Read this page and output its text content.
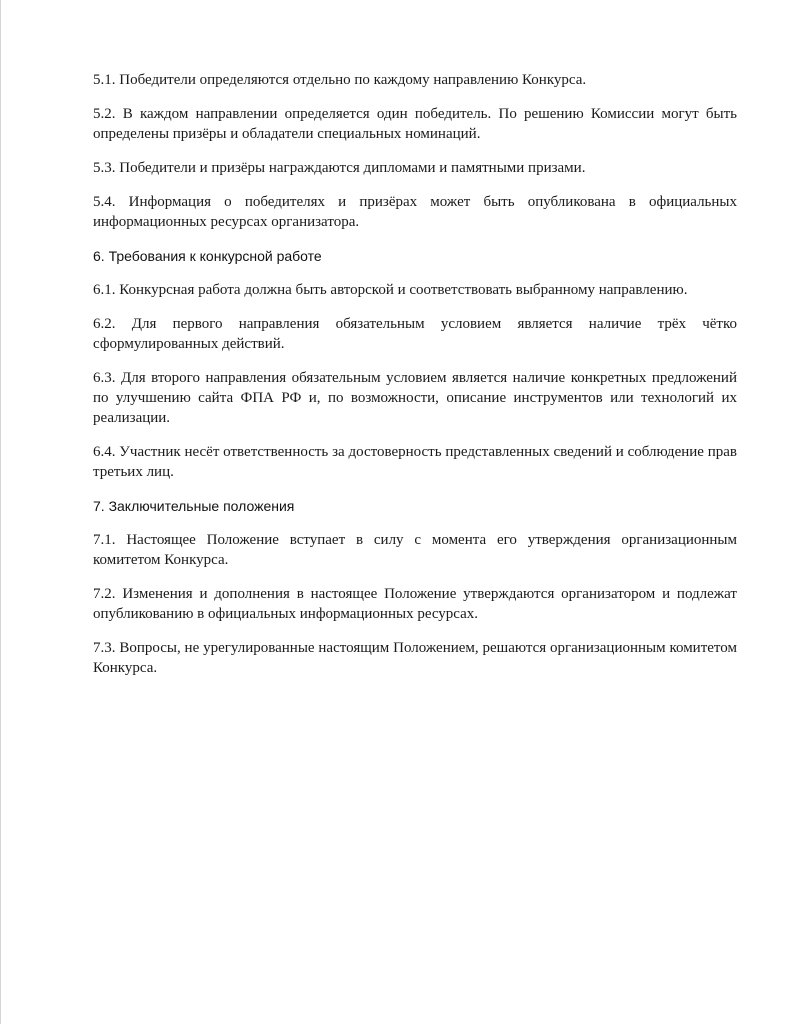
5.1. Победители определяются отдельно по каждому направлению Конкурса.

5.2. В каждом направлении определяется один победитель. По решению Комиссии могут быть определены призёры и обладатели специальных номинаций.

5.3. Победители и призёры награждаются дипломами и памятными призами.

5.4. Информация о победителях и призёрах может быть опубликована в официальных информационных ресурсах организатора.

6. Требования к конкурсной работе

6.1. Конкурсная работа должна быть авторской и соответствовать выбранному направлению.

6.2. Для первого направления обязательным условием является наличие трёх чётко сформулированных действий.

6.3. Для второго направления обязательным условием является наличие конкретных предложений по улучшению сайта ФПА РФ и, по возможности, описание инструментов или технологий их реализации.

6.4. Участник несёт ответственность за достоверность представленных сведений и соблюдение прав третьих лиц.

7. Заключительные положения

7.1. Настоящее Положение вступает в силу с момента его утверждения организационным комитетом Конкурса.

7.2. Изменения и дополнения в настоящее Положение утверждаются организатором и подлежат опубликованию в официальных информационных ресурсах.

7.3. Вопросы, не урегулированные настоящим Положением, решаются организационным комитетом Конкурса.
